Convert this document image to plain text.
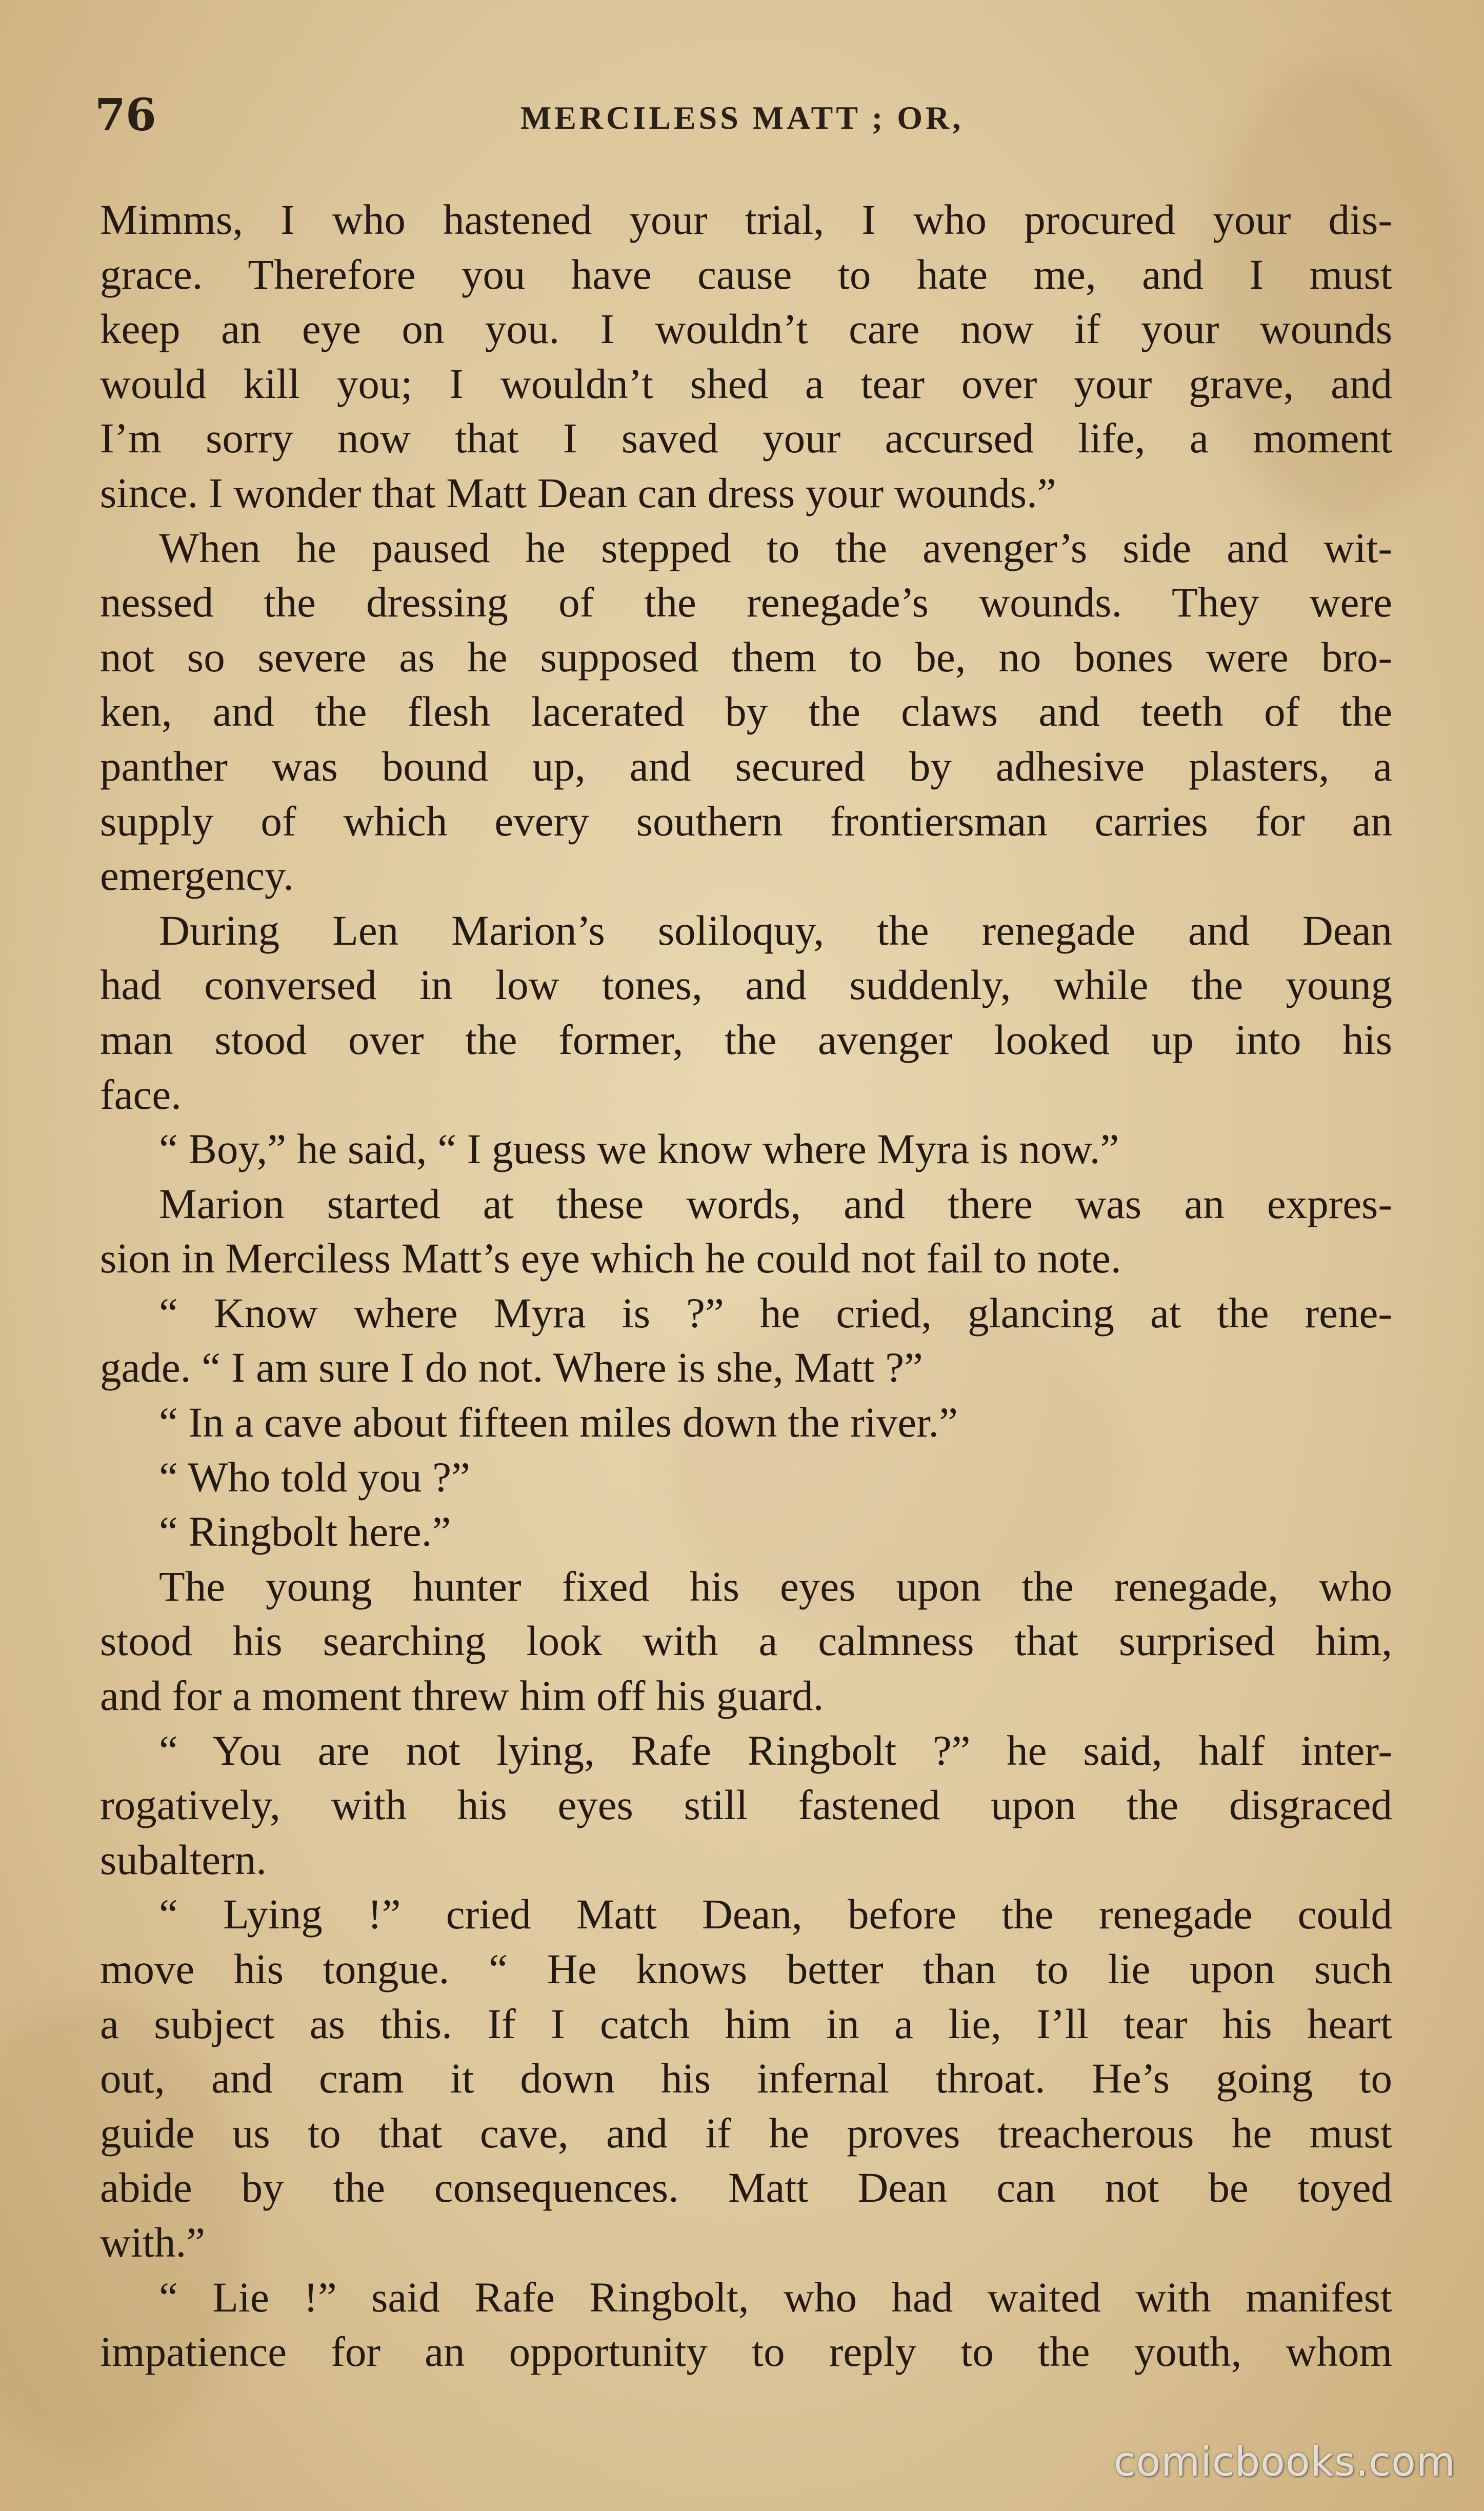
76	MERCILESS MATT ; OR,
Mimms, I who hastened your trial, I who procured your dis-
grace. Therefore you have cause to hate me, and I must
keep an eye on you. I wouldn’t care now if your wounds
would kill you; I wouldn’t shed a tear over your grave, and
I’m sorry now that I saved your accursed life, a moment
since. I wonder that Matt Dean can dress your wounds.”
When he paused he stepped to the avenger’s side and wit-
nessed the dressing of the renegade’s wounds. They were
not so severe as he supposed them to be, no bones were bro-
ken, and the flesh lacerated by the claws and teeth of the
panther was bound up, and secured by adhesive plasters, a
supply of which every southern frontiersman carries for an
emergency.
During Len Marion’s soliloquy, the renegade and Dean
had conversed in low tones, and suddenly, while the young
man stood over the former, the avenger looked up into his
face.
“ Boy,” he said, “ I guess we know where Myra is now.”
Marion started at these words, and there was an expres-
sion in Merciless Matt’s eye which he could not fail to note.
“ Know where Myra is ?” he cried, glancing at the rene-
gade. “ I am sure I do not. Where is she, Matt ?”
“ In a cave about fifteen miles down the river.”
“ Who told you ?”
“ Ringbolt here.”
The young hunter fixed his eyes upon the renegade, who
stood his searching look with a calmness that surprised him,
and for a moment threw him off his guard.
“ You are not lying, Rafe Ringbolt ?” he said, half inter-
rogatively, with his eyes still fastened upon the disgraced
subaltern.
“ Lying !” cried Matt Dean, before the renegade could
move his tongue. “ He knows better than to lie upon such
a subject as this. If I catch him in a lie, I’ll tear his heart
out, and cram it down his infernal throat. He’s going to
guide us to that cave, and if he proves treacherous he must
abide by the consequences. Matt Dean can not be toyed
with.”
“ Lie !” said Rafe Ringbolt, who had waited with manifest
impatience for an opportunity to reply to the youth, whom
comicbooks.com
